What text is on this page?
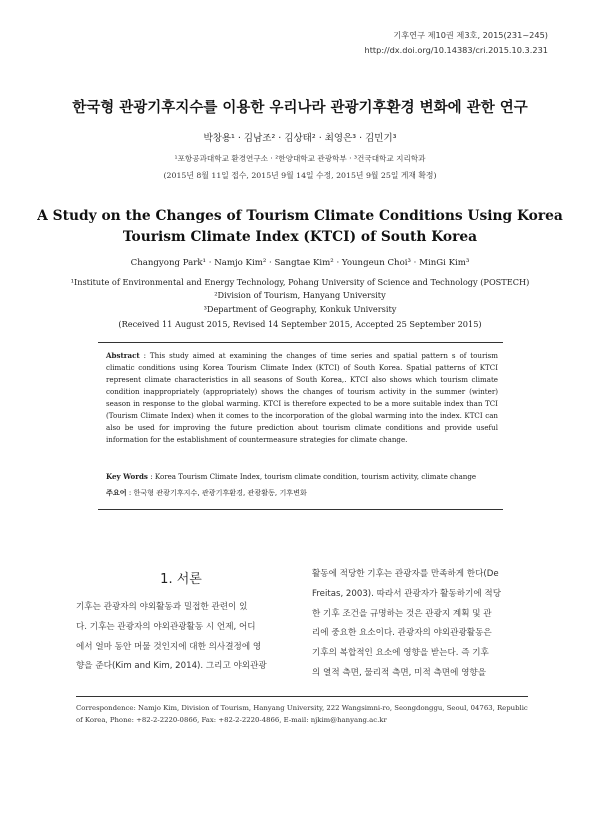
기후연구 제10권 제3호, 2015(231~245)
http://dx.doi.org/10.14383/cri.2015.10.3.231
한국형 관광기후지수를 이용한 우리나라 관광기후환경 변화에 관한 연구
박창용¹ · 김남조² · 김상태² · 최영은³ · 김민기³
¹포항공과대학교 환경연구소 · ²한양대학교 관광학부 · ³건국대학교 지리학과
(2015년 8월 11일 접수, 2015년 9월 14일 수정, 2015년 9월 25일 게재 확정)
A Study on the Changes of Tourism Climate Conditions Using Korea
Tourism Climate Index (KTCI) of South Korea
Changyong Park¹ · Namjo Kim² · Sangtae Kim² · Youngeun Choi³ · MinGi Kim³
¹Institute of Environmental and Energy Technology, Pohang University of Science and Technology (POSTECH)
²Division of Tourism, Hanyang University
³Department of Geography, Konkuk University
(Received 11 August 2015, Revised 14 September 2015, Accepted 25 September 2015)
Abstract : This study aimed at examining the changes of time series and spatial pattern s of tourism climatic conditions using Korea Tourism Climate Index (KTCI) of South Korea. Spatial patterns of KTCI represent climate characteristics in all seasons of South Korea,. KTCI also shows which tourism climate condition inappropriately (appropriately) shows the changes of tourism activity in the summer (winter) season in response to the global warming. KTCI is therefore expected to be a more suitable index than TCI (Tourism Climate Index) when it comes to the incorporation of the global warming into the index. KTCI can also be used for improving the future prediction about tourism climate conditions and provide useful information for the establishment of countermeasure strategies for climate change.
Key Words : Korea Tourism Climate Index, tourism climate condition, tourism activity, climate change
주요어 : 한국형 관광기후지수, 관광기후환경, 관광활동, 기후변화
1. 서론
기후는 관광자의 야외활동과 밀접한 관련이 있
다. 기후는 관광자의 야외관광활동 시 언제, 어디
에서 얼마 동안 머물 것인지에 대한 의사결정에 영
향을 준다(Kim and Kim, 2014). 그리고 야외관광
활동에 적당한 기후는 관광자를 만족하게 한다(De
Freitas, 2003). 따라서 관광자가 활동하기에 적당
한 기후 조건을 규명하는 것은 관광지 계획 및 관
리에 중요한 요소이다. 관광자의 야외관광활동은
기후의 복합적인 요소에 영향을 받는다. 즉 기후
의 열적 측면, 물리적 측면, 미적 측면에 영향을
Correspondence: Namjo Kim, Division of Tourism, Hanyang University, 222 Wangsimni-ro, Seongdonggu, Seoul, 04763, Republic of Korea, Phone: +82-2-2220-0866, Fax: +82-2-2220-4866, E-mail: njkim@hanyang.ac.kr
